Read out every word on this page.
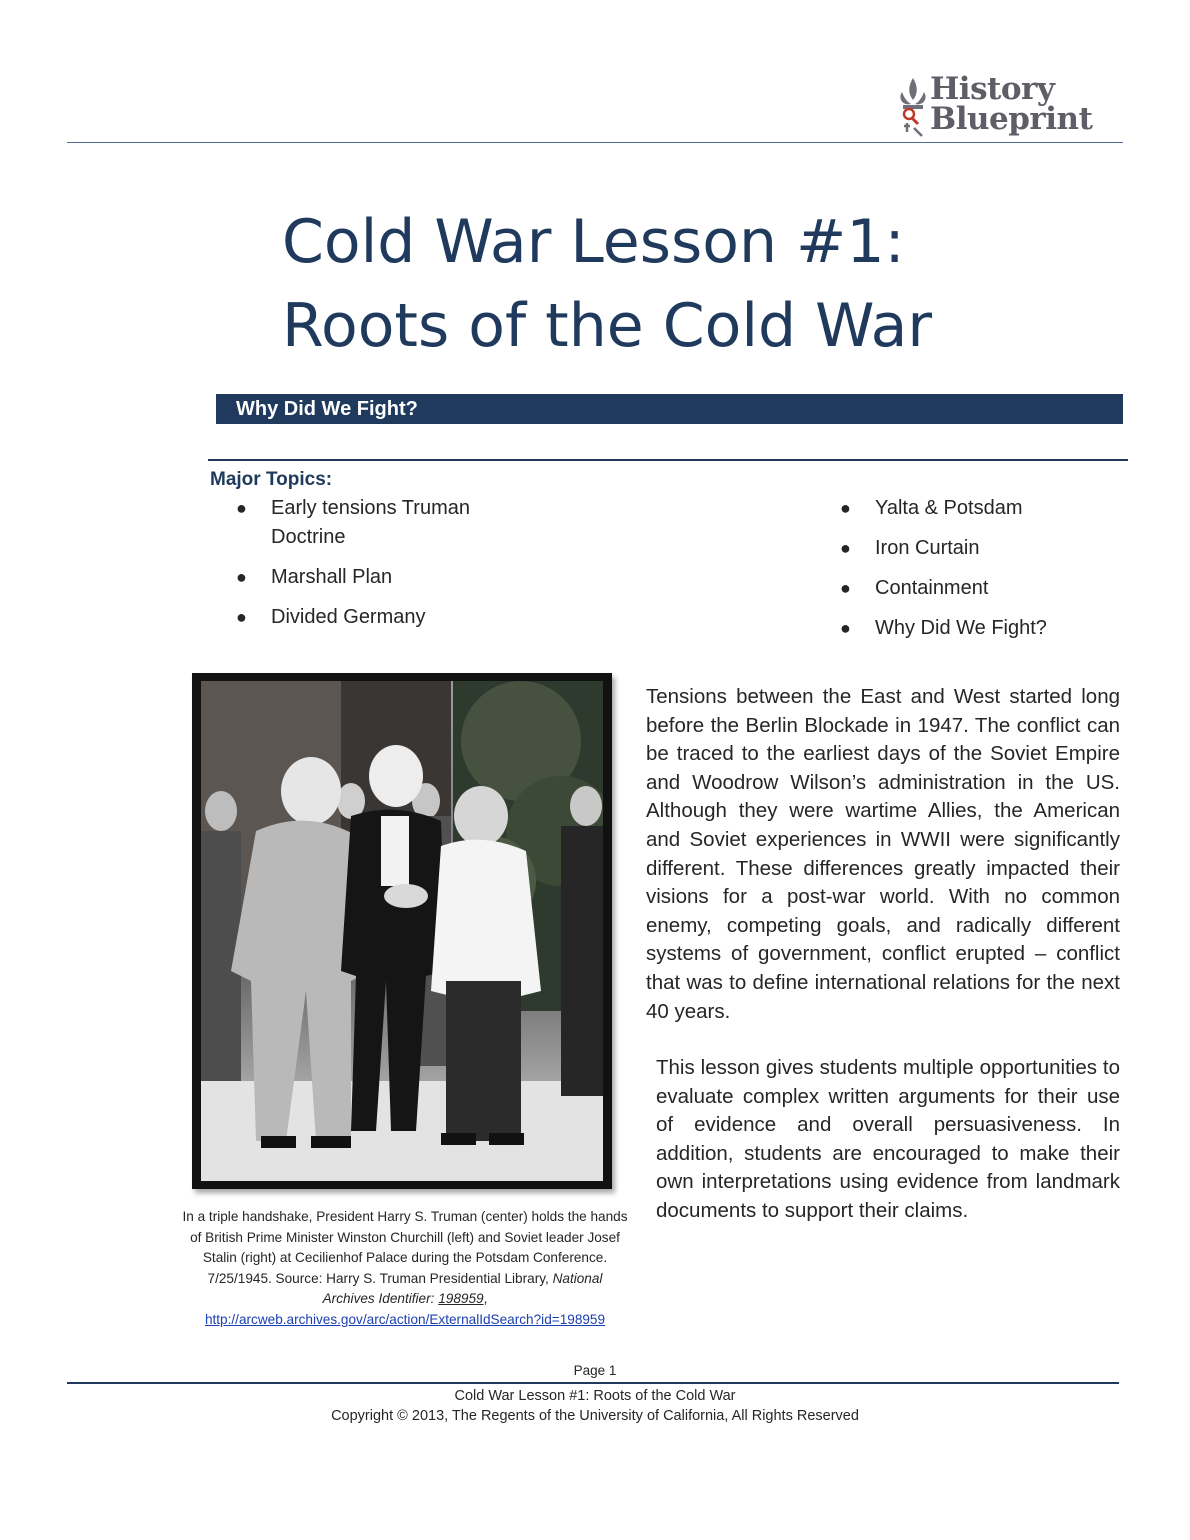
History
Blueprint
Cold War Lesson #1:
Roots of the Cold War
Why Did We Fight?
Major Topics:
● Early tensions Truman Doctrine
● Marshall Plan
● Divided Germany
● Yalta & Potsdam
● Iron Curtain
● Containment
● Why Did We Fight?
In a triple handshake, President Harry S. Truman (center) holds the hands of British Prime Minister Winston Churchill (left) and Soviet leader Josef Stalin (right) at Cecilienhof Palace during the Potsdam Conference. 7/25/1945. Source: Harry S. Truman Presidential Library, National Archives Identifier: 198959,
http://arcweb.archives.gov/arc/action/ExternalIdSearch?id=198959

Tensions between the East and West started long before the Berlin Blockade in 1947. The conflict can be traced to the earliest days of the Soviet Empire and Woodrow Wilson’s administration in the US. Although they were wartime Allies, the American and Soviet experiences in WWII were significantly different. These differences greatly impacted their visions for a post-war world. With no common enemy, competing goals, and radically different systems of government, conflict erupted – conflict that was to define international relations for the next 40 years.

This lesson gives students multiple opportunities to evaluate complex written arguments for their use of evidence and overall persuasiveness. In addition, students are encouraged to make their own interpretations using evidence from landmark documents to support their claims.

Page 1
Cold War Lesson #1: Roots of the Cold War
Copyright © 2013, The Regents of the University of California, All Rights Reserved
